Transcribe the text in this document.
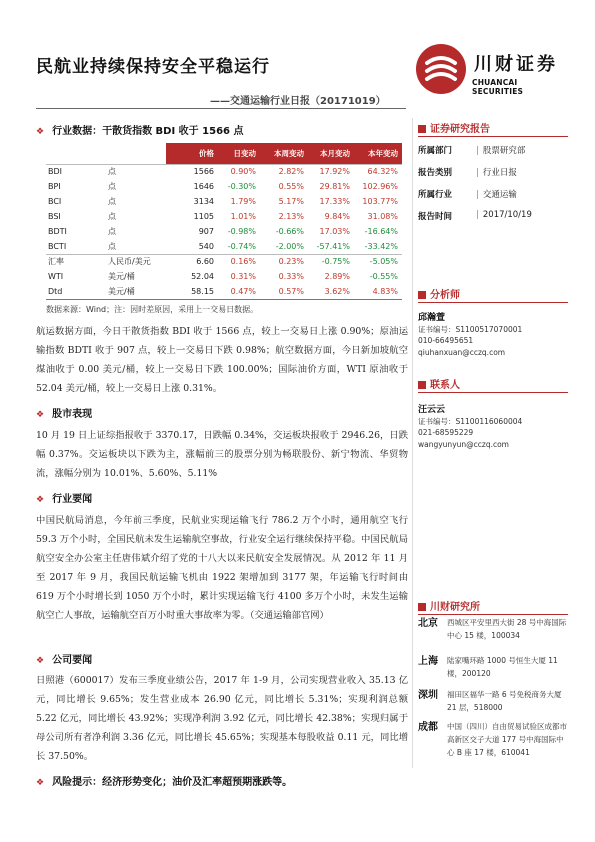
民航业持续保持安全平稳运行
——交通运输行业日报（20171019）
川财证券
CHUANCAI SECURITIES
❖ 行业数据：干散货指数 BDI 收于 1566 点
		价格	日变动	本周变动	本月变动	本年变动
BDI	点	1566	0.90%	2.82%	17.92%	64.32%
BPI	点	1646	-0.30%	0.55%	29.81%	102.96%
BCI	点	3134	1.79%	5.17%	17.33%	103.77%
BSI	点	1105	1.01%	2.13%	9.84%	31.08%
BDTI	点	907	-0.98%	-0.66%	17.03%	-16.64%
BCTI	点	540	-0.74%	-2.00%	-57.41%	-33.42%
汇率	人民币/美元	6.60	0.16%	0.23%	-0.75%	-5.05%
WTI	美元/桶	52.04	0.31%	0.33%	2.89%	-0.55%
Dtd	美元/桶	58.15	0.47%	0.57%	3.62%	4.83%
数据来源：Wind；注：因时差原因，采用上一交易日数据。
航运数据方面，今日干散货指数 BDI 收于 1566 点，较上一交易日上涨 0.90%；原油运输指数 BDTI 收于 907 点，较上一交易日下跌 0.98%；航空数据方面，今日新加坡航空煤油收于 0.00 美元/桶，较上一交易日下跌 100.00%；国际油价方面，WTI 原油收于 52.04 美元/桶，较上一交易日上涨 0.31%。
❖ 股市表现
10 月 19 日上证综指报收于 3370.17，日跌幅 0.34%，交运板块报收于 2946.26，日跌幅 0.37%。交运板块以下跌为主，涨幅前三的股票分别为畅联股份、新宁物流、华贸物流，涨幅分别为 10.01%、5.60%、5.11%
❖ 行业要闻
中国民航局消息，今年前三季度，民航业实现运输飞行 786.2 万个小时，通用航空飞行 59.3 万个小时，全国民航未发生运输航空事故，行业安全运行继续保持平稳。中国民航局航空安全办公室主任唐伟斌介绍了党的十八大以来民航安全发展情况。从 2012 年 11 月至 2017 年 9 月，我国民航运输飞机由 1922 架增加到 3177 架，年运输飞行时间由 619 万个小时增长到 1050 万个小时，累计实现运输飞行 4100 多万个小时，未发生运输航空亡人事故，运输航空百万小时重大事故率为零。（交通运输部官网）
❖ 公司要闻
日照港（600017）发布三季度业绩公告，2017 年 1-9 月，公司实现营业收入 35.13 亿元，同比增长 9.65%；发生营业成本 26.90 亿元，同比增长 5.31%；实现利润总额 5.22 亿元，同比增长 43.92%；实现净利润 3.92 亿元，同比增长 42.38%；实现归属于母公司所有者净利润 3.36 亿元，同比增长 45.65%；实现基本每股收益 0.11 元，同比增长 37.50%。
❖ 风险提示：经济形势变化；油价及汇率超预期涨跌等。
证券研究报告
所属部门	| 股票研究部
报告类别	| 行业日报
所属行业	| 交通运输
报告时间	| 2017/10/19
分析师
邱瀚萱
证书编号：S1100517070001
010-66495651
qiuhanxuan@cczq.com
联系人
汪云云
证书编号：S1100116060004
021-68595229
wangyunyun@cczq.com
川财研究所
北京 西城区平安里西大街 28 号中海国际中心 15 楼，100034
上海 陆家嘴环路 1000 号恒生大厦 11 楼，200120
深圳 福田区福华一路 6 号免税商务大厦 21 层，518000
成都 中国（四川）自由贸易试验区成都市高新区交子大道 177 号中海国际中心 B 座 17 楼，610041
